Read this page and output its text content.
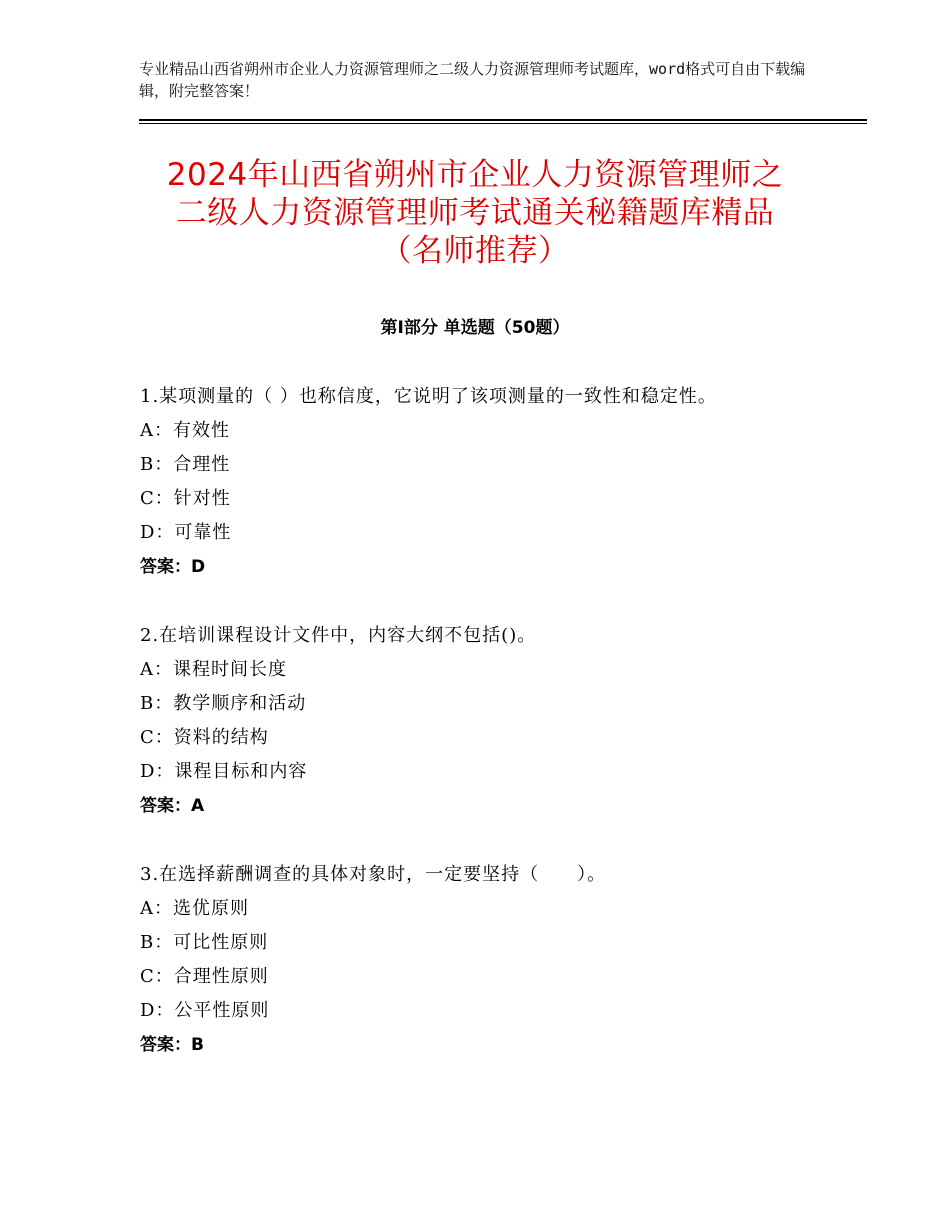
专业精品山西省朔州市企业人力资源管理师之二级人力资源管理师考试题库，word格式可自由下载编辑，附完整答案！
2024年山西省朔州市企业人力资源管理师之
二级人力资源管理师考试通关秘籍题库精品
（名师推荐）
第Ⅰ部分 单选题（50题）
1.某项测量的（ ）也称信度，它说明了该项测量的一致性和稳定性。
A：有效性
B：合理性
C：针对性
D：可靠性
答案：D
2.在培训课程设计文件中，内容大纲不包括()。
A：课程时间长度
B：教学顺序和活动
C：资料的结构
D：课程目标和内容
答案：A
3.在选择薪酬调查的具体对象时，一定要坚持（　　）。
A：选优原则
B：可比性原则
C：合理性原则
D：公平性原则
答案：B
